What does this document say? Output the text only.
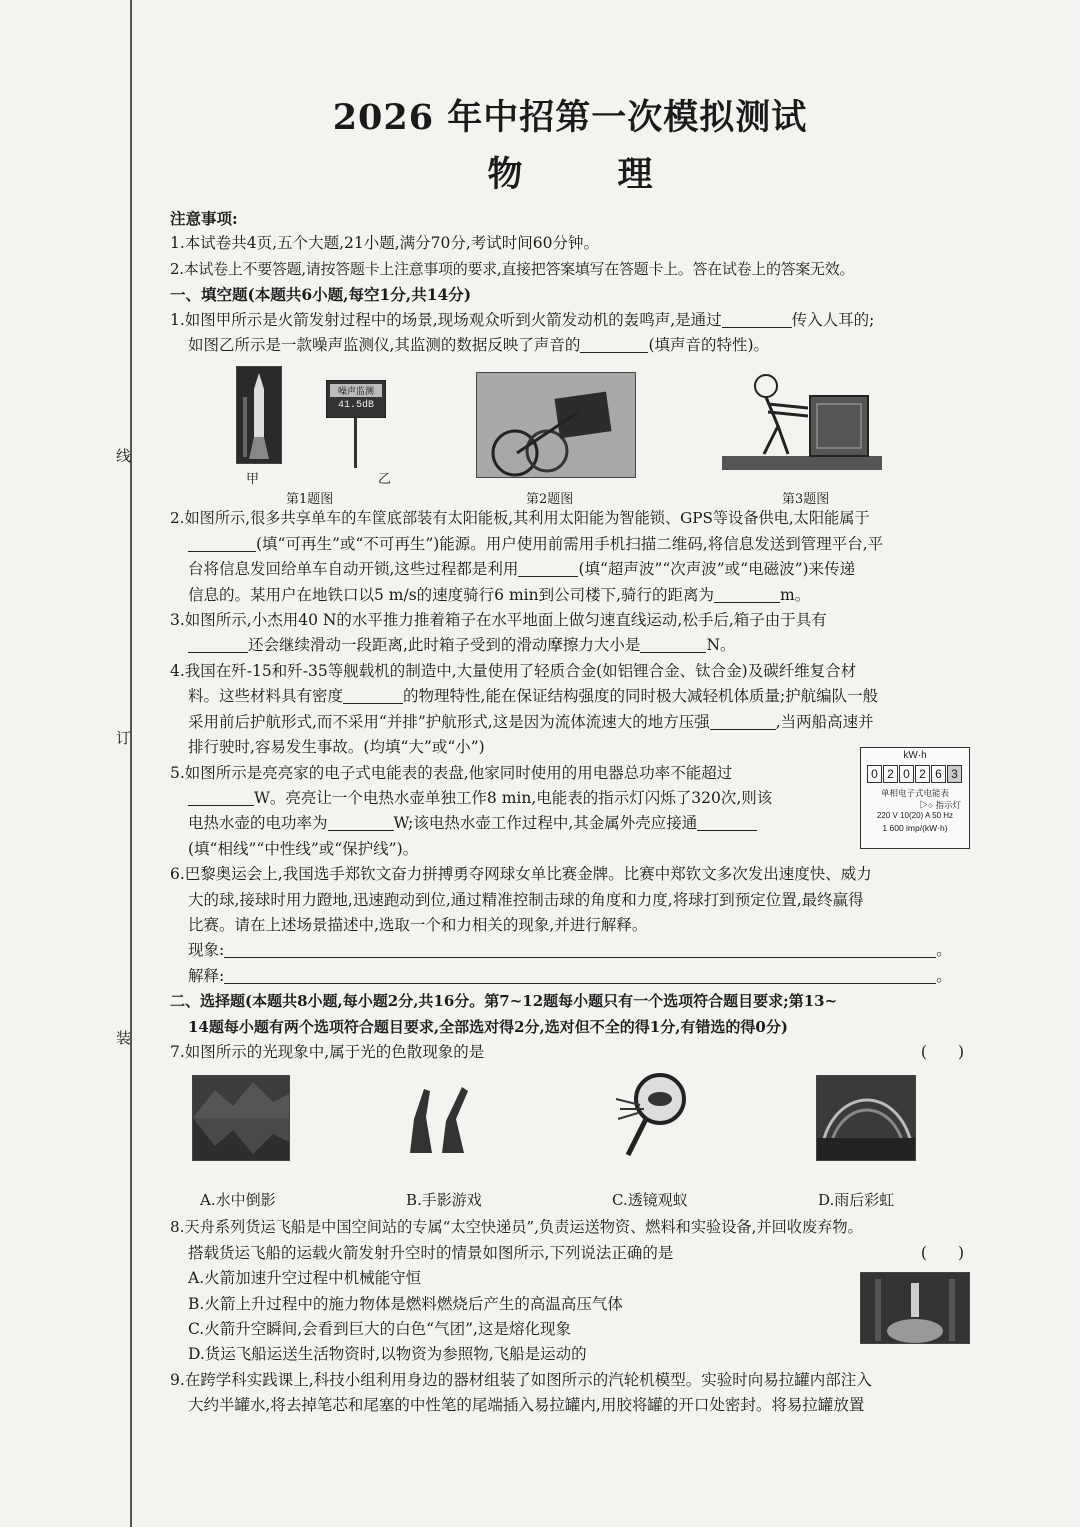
线
订
装
2026 年中招第一次模拟测试
物　理
注意事项:
1.本试卷共4页,五个大题,21小题,满分70分,考试时间60分钟。
2.本试卷上不要答题,请按答题卡上注意事项的要求,直接把答案填写在答题卡上。答在试卷上的答案无效。
一、填空题(本题共6小题,每空1分,共14分)
1.如图甲所示是火箭发射过程中的场景,现场观众听到火箭发动机的轰鸣声,是通过	传入人耳的;
如图乙所示是一款噪声监测仪,其监测的数据反映了声音的	(填声音的特性)。
甲
噪声监测
41.5dB
乙
第1题图	第2题图	第3题图
2.如图所示,很多共享单车的车筐底部装有太阳能板,其利用太阳能为智能锁、GPS等设备供电,太阳能属于
(填“可再生”或“不可再生”)能源。用户使用前需用手机扫描二维码,将信息发送到管理平台,平
台将信息发回给单车自动开锁,这些过程都是利用	(填“超声波”“次声波”或“电磁波”)来传递
信息的。某用户在地铁口以5 m/s的速度骑行6 min到公司楼下,骑行的距离为	m。
3.如图所示,小杰用40 N的水平推力推着箱子在水平地面上做匀速直线运动,松手后,箱子由于具有
还会继续滑动一段距离,此时箱子受到的滑动摩擦力大小是	N。
4.我国在歼-15和歼-35等舰载机的制造中,大量使用了轻质合金(如铝锂合金、钛合金)及碳纤维复合材
料。这些材料具有密度	的物理特性,能在保证结构强度的同时极大减轻机体质量;护航编队一般
采用前后护航形式,而不采用“并排”护航形式,这是因为流体流速大的地方压强	,当两船高速并
排行驶时,容易发生事故。(均填“大”或“小”)
5.如图所示是亮亮家的电子式电能表的表盘,他家同时使用的用电器总功率不能超过
W。亮亮让一个电热水壶单独工作8 min,电能表的指示灯闪烁了320次,则该
电热水壶的电功率为	W;该电热水壶工作过程中,其金属外壳应接通
(填“相线”“中性线”或“保护线”)。
kW·h
0 2 0 2 6 3
单相电子式电能表
▷○ 指示灯
220 V 10(20) A 50 Hz
1 600 imp/(kW·h)
6.巴黎奥运会上,我国选手郑钦文奋力拼搏勇夺网球女单比赛金牌。比赛中郑钦文多次发出速度快、威力
大的球,接球时用力蹬地,迅速跑动到位,通过精准控制击球的角度和力度,将球打到预定位置,最终赢得
比赛。请在上述场景描述中,选取一个和力相关的现象,并进行解释。
现象:	。
解释:	。
二、选择题(本题共8小题,每小题2分,共16分。第7~12题每小题只有一个选项符合题目要求;第13~
14题每小题有两个选项符合题目要求,全部选对得2分,选对但不全的得1分,有错选的得0分)
7.如图所示的光现象中,属于光的色散现象的是	(　　)
A.水中倒影	B.手影游戏	C.透镜观蚁	D.雨后彩虹
8.天舟系列货运飞船是中国空间站的专属“太空快递员”,负责运送物资、燃料和实验设备,并回收废弃物。
搭载货运飞船的运载火箭发射升空时的情景如图所示,下列说法正确的是	(　　)
A.火箭加速升空过程中机械能守恒
B.火箭上升过程中的施力物体是燃料燃烧后产生的高温高压气体
C.火箭升空瞬间,会看到巨大的白色“气团”,这是熔化现象
D.货运飞船运送生活物资时,以物资为参照物,飞船是运动的
9.在跨学科实践课上,科技小组利用身边的器材组装了如图所示的汽轮机模型。实验时向易拉罐内部注入
大约半罐水,将去掉笔芯和尾塞的中性笔的尾端插入易拉罐内,用胶将罐的开口处密封。将易拉罐放置
